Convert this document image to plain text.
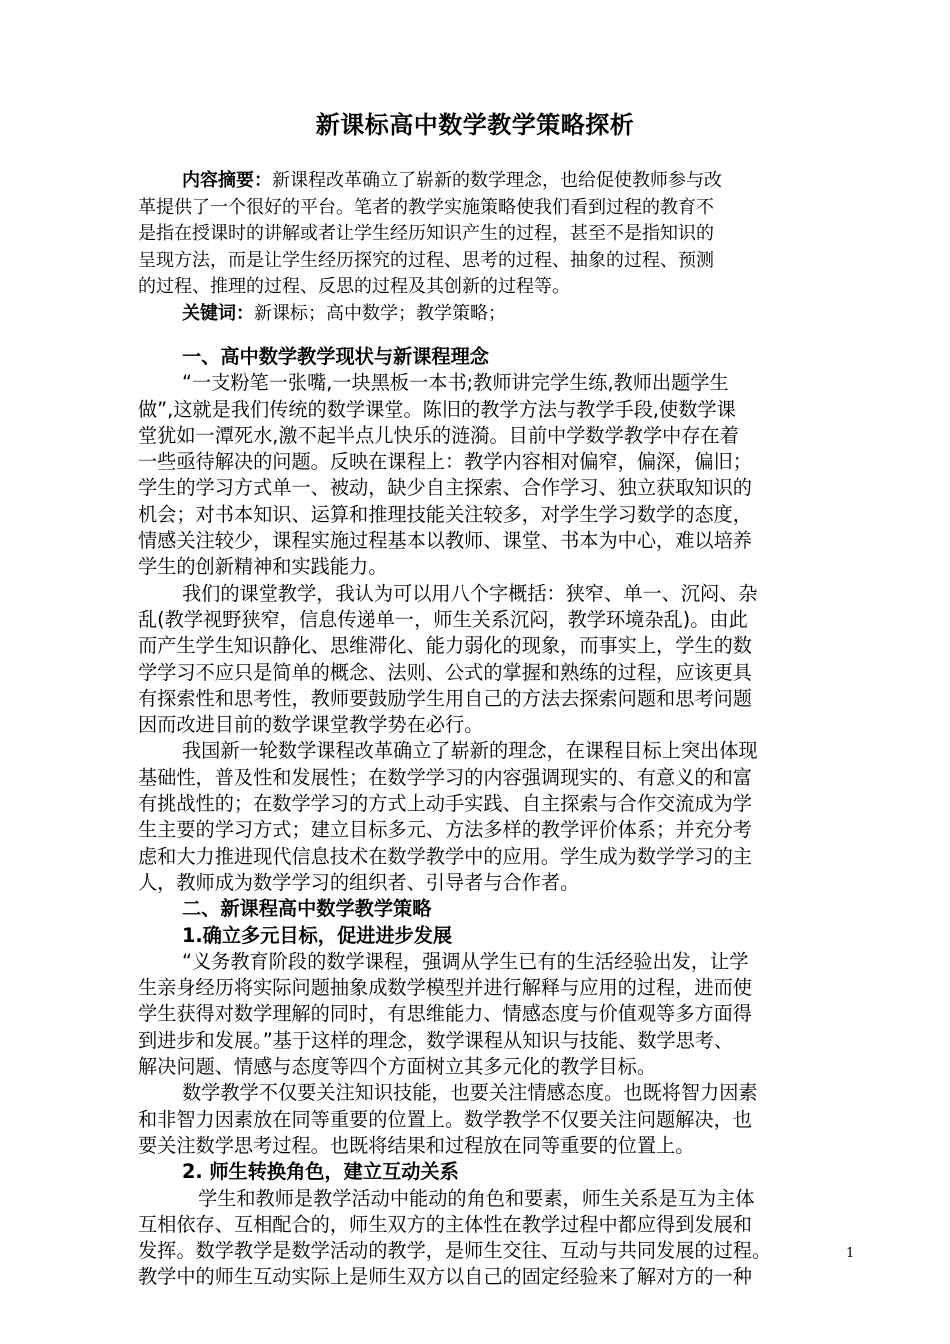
新课标高中数学教学策略探析
内容摘要：新课程改革确立了崭新的数学理念，也给促使教师参与改
革提供了一个很好的平台。笔者的教学实施策略使我们看到过程的教育不
是指在授课时的讲解或者让学生经历知识产生的过程，甚至不是指知识的
呈现方法，而是让学生经历探究的过程、思考的过程、抽象的过程、预测
的过程、推理的过程、反思的过程及其创新的过程等。
关键词：新课标；高中数学；教学策略；
一、高中数学教学现状与新课程理念
“一支粉笔一张嘴,一块黑板一本书;教师讲完学生练,教师出题学生
做”,这就是我们传统的数学课堂。陈旧的教学方法与教学手段,使数学课
堂犹如一潭死水,激不起半点儿快乐的涟漪。目前中学数学教学中存在着
一些亟待解决的问题。反映在课程上：教学内容相对偏窄，偏深，偏旧；
学生的学习方式单一、被动，缺少自主探索、合作学习、独立获取知识的
机会；对书本知识、运算和推理技能关注较多，对学生学习数学的态度，
情感关注较少，课程实施过程基本以教师、课堂、书本为中心，难以培养
学生的创新精神和实践能力。
我们的课堂教学，我认为可以用八个字概括：狭窄、单一、沉闷、杂
乱(教学视野狭窄，信息传递单一，师生关系沉闷，教学环境杂乱)。由此
而产生学生知识静化、思维滞化、能力弱化的现象，而事实上，学生的数
学学习不应只是简单的概念、法则、公式的掌握和熟练的过程，应该更具
有探索性和思考性，教师要鼓励学生用自己的方法去探索问题和思考问题
因而改进目前的数学课堂教学势在必行。
我国新一轮数学课程改革确立了崭新的理念，在课程目标上突出体现
基础性，普及性和发展性；在数学学习的内容强调现实的、有意义的和富
有挑战性的；在数学学习的方式上动手实践、自主探索与合作交流成为学
生主要的学习方式；建立目标多元、方法多样的教学评价体系；并充分考
虑和大力推进现代信息技术在数学教学中的应用。学生成为数学学习的主
人，教师成为数学学习的组织者、引导者与合作者。
二、新课程高中数学教学策略
1.确立多元目标，促进进步发展
“义务教育阶段的数学课程，强调从学生已有的生活经验出发，让学
生亲身经历将实际问题抽象成数学模型并进行解释与应用的过程，进而使
学生获得对数学理解的同时，有思维能力、情感态度与价值观等多方面得
到进步和发展。”基于这样的理念，数学课程从知识与技能、数学思考、
解决问题、情感与态度等四个方面树立其多元化的教学目标。
数学教学不仅要关注知识技能，也要关注情感态度。也既将智力因素
和非智力因素放在同等重要的位置上。数学教学不仅要关注问题解决，也
要关注数学思考过程。也既将结果和过程放在同等重要的位置上。
2. 师生转换角色，建立互动关系
学生和教师是教学活动中能动的角色和要素，师生关系是互为主体
互相依存、互相配合的，师生双方的主体性在教学过程中都应得到发展和
发挥。数学教学是数学活动的教学，是师生交往、互动与共同发展的过程。
教学中的师生互动实际上是师生双方以自己的固定经验来了解对方的一种
1
